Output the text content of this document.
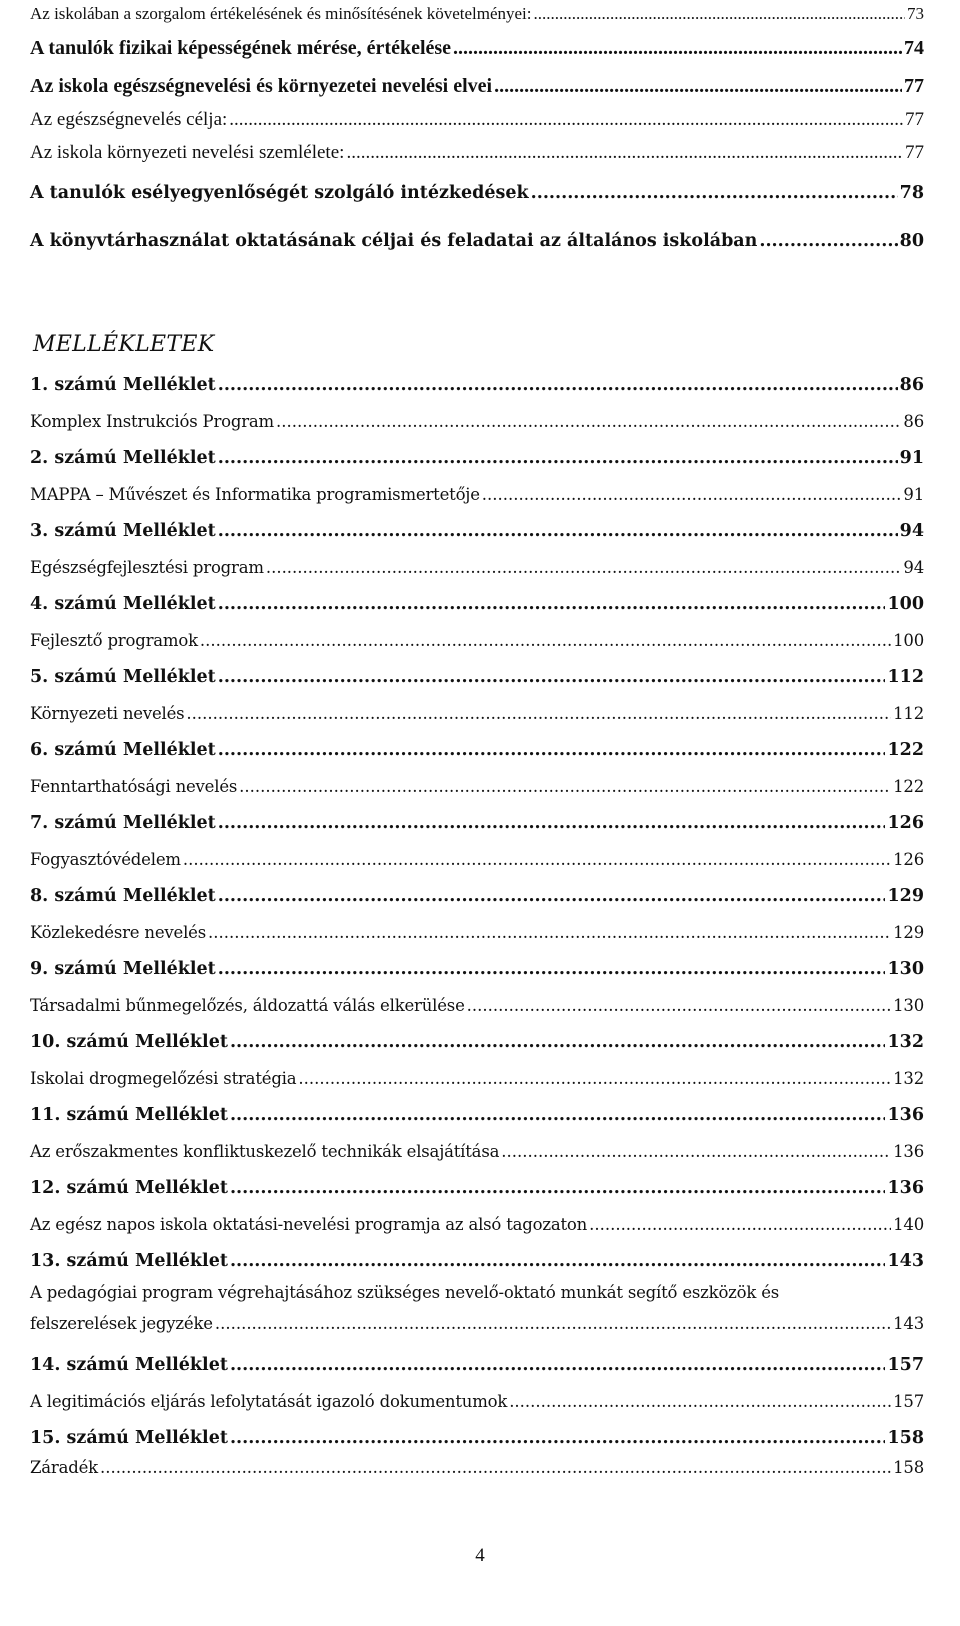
Az iskolában a szorgalom értékelésének és minősítésének követelményei: .....	73
A tanulók fizikai képességének mérése, értékelése .....	74
Az iskola egészségnevelési és környezetei nevelési elvei .....	77
Az egészségnevelés célja: .....	77
Az iskola környezeti nevelési szemlélete: .....	77
A tanulók esélyegyenlőségét szolgáló intézkedések .....	78
A könyvtárhasználat oktatásának céljai és feladatai az általános iskolában .....	80
MELLÉKLETEK
1. számú Melléklet .....	86
Komplex Instrukciós Program .....	86
2. számú Melléklet .....	91
MAPPA – Művészet és Informatika programismertetője .....	91
3. számú Melléklet .....	94
Egészségfejlesztési program .....	94
4. számú Melléklet .....	100
Fejlesztő programok .....	100
5. számú Melléklet .....	112
Környezeti nevelés .....	112
6. számú Melléklet .....	122
Fenntarthatósági nevelés .....	122
7. számú Melléklet .....	126
Fogyasztóvédelem .....	126
8. számú Melléklet .....	129
Közlekedésre nevelés .....	129
9. számú Melléklet .....	130
Társadalmi bűnmegelőzés, áldozattá válás elkerülése .....	130
10. számú Melléklet .....	132
Iskolai drogmegelőzési stratégia .....	132
11. számú Melléklet .....	136
Az erőszakmentes konfliktuskezelő technikák elsajátítása .....	136
12. számú Melléklet .....	136
Az egész napos iskola oktatási-nevelési programja az alsó tagozaton .....	140
13. számú Melléklet .....	143
A pedagógiai program végrehajtásához szükséges nevelő-oktató munkát segítő eszközök és
felszerelések jegyzéke .....	143
14. számú Melléklet .....	157
A legitimációs eljárás lefolytatását igazoló dokumentumok .....	157
15. számú Melléklet .....	158
Záradék .....	158
4
